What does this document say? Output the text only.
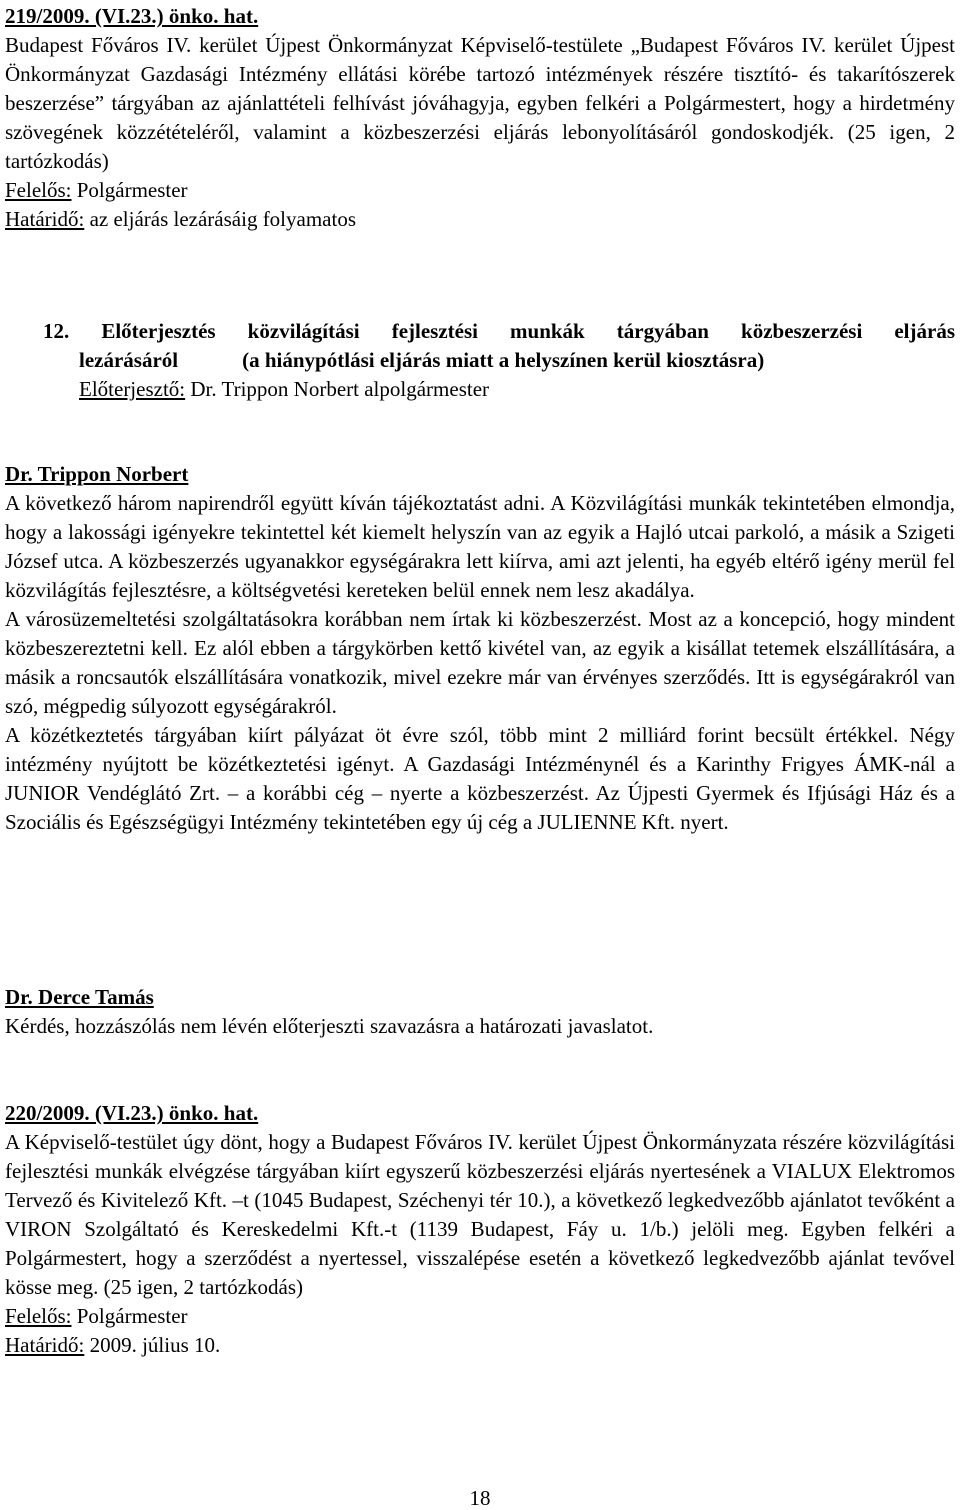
219/2009. (VI.23.) önko. hat.
Budapest Főváros IV. kerület Újpest Önkormányzat Képviselő-testülete „Budapest Főváros IV. kerület Újpest Önkormányzat Gazdasági Intézmény ellátási körébe tartozó intézmények részére tisztító- és takarítószerek beszerzése” tárgyában az ajánlattételi felhívást jóváhagyja, egyben felkéri a Polgármestert, hogy a hirdetmény szövegének közzétételéről, valamint a közbeszerzési eljárás lebonyolításáról gondoskodjék. (25 igen, 2 tartózkodás)
Felelős: Polgármester
Határidő: az eljárás lezárásáig folyamatos
12. Előterjesztés közvilágítási fejlesztési munkák tárgyában közbeszerzési eljárás
lezárásáról	(a hiánypótlási eljárás miatt a helyszínen kerül kiosztásra)
Előterjesztő: Dr. Trippon Norbert alpolgármester
Dr. Trippon Norbert
A következő három napirendről együtt kíván tájékoztatást adni. A Közvilágítási munkák tekintetében elmondja, hogy a lakossági igényekre tekintettel két kiemelt helyszín van az egyik a Hajló utcai parkoló, a másik a Szigeti József utca. A közbeszerzés ugyanakkor egységárakra lett kiírva, ami azt jelenti, ha egyéb eltérő igény merül fel közvilágítás fejlesztésre, a költségvetési kereteken belül ennek nem lesz akadálya.
A városüzemeltetési szolgáltatásokra korábban nem írtak ki közbeszerzést. Most az a koncepció, hogy mindent közbeszereztetni kell. Ez alól ebben a tárgykörben kettő kivétel van, az egyik a kisállat tetemek elszállítására, a másik a roncsautók elszállítására vonatkozik, mivel ezekre már van érvényes szerződés. Itt is egységárakról van szó, mégpedig súlyozott egységárakról.
A közétkeztetés tárgyában kiírt pályázat öt évre szól, több mint 2 milliárd forint becsült értékkel. Négy intézmény nyújtott be közétkeztetési igényt. A Gazdasági Intézménynél és a Karinthy Frigyes ÁMK-nál a JUNIOR Vendéglátó Zrt. – a korábbi cég – nyerte a közbeszerzést. Az Újpesti Gyermek és Ifjúsági Ház és a Szociális és Egészségügyi Intézmény tekintetében egy új cég a JULIENNE Kft. nyert.
Dr. Derce Tamás
Kérdés, hozzászólás nem lévén előterjeszti szavazásra a határozati javaslatot.
220/2009. (VI.23.) önko. hat.
A Képviselő-testület úgy dönt, hogy a Budapest Főváros IV. kerület Újpest Önkormányzata részére közvilágítási fejlesztési munkák elvégzése tárgyában kiírt egyszerű közbeszerzési eljárás nyertesének a VIALUX Elektromos Tervező és Kivitelező Kft. –t (1045 Budapest, Széchenyi tér 10.), a következő legkedvezőbb ajánlatot tevőként a VIRON Szolgáltató és Kereskedelmi Kft.-t (1139 Budapest, Fáy u. 1/b.) jelöli meg. Egyben felkéri a Polgármestert, hogy a szerződést a nyertessel, visszalépése esetén a következő legkedvezőbb ajánlat tevővel kösse meg. (25 igen, 2 tartózkodás)
Felelős: Polgármester
Határidő: 2009. július 10.
18
